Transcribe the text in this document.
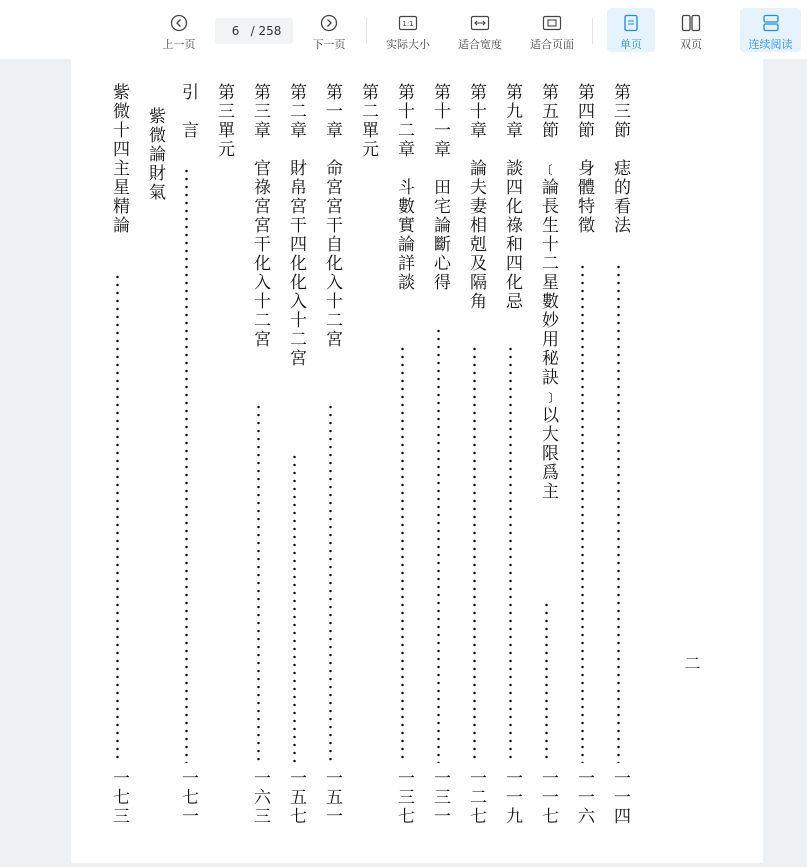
上一页
6
/ 258
下一页
1:1
实际大小	适合宽度	适合页面	单页	双页	连续阅读
第三節　痣的看法
一一四
第四節　身體特徵
一一六
第五節　﹝論長生十二星數妙用秘訣﹞以大限爲主
一一七
第九章　談四化祿和四化忌
一一九
第十章　論夫妻相剋及隔角
一二七
第十一章　田宅論斷心得
一三一
第十二章　斗數實論詳談
一三七
第二單元
第一章　命宮宮干自化入十二宮
一五一
第二章　財帛宮干四化化入十二宮
一五七
第三章　官祿宮宮干化入十二宮
一六三
第三單元
引　言
一七一
紫微論財氣
紫微十四主星精論
一七三
二
